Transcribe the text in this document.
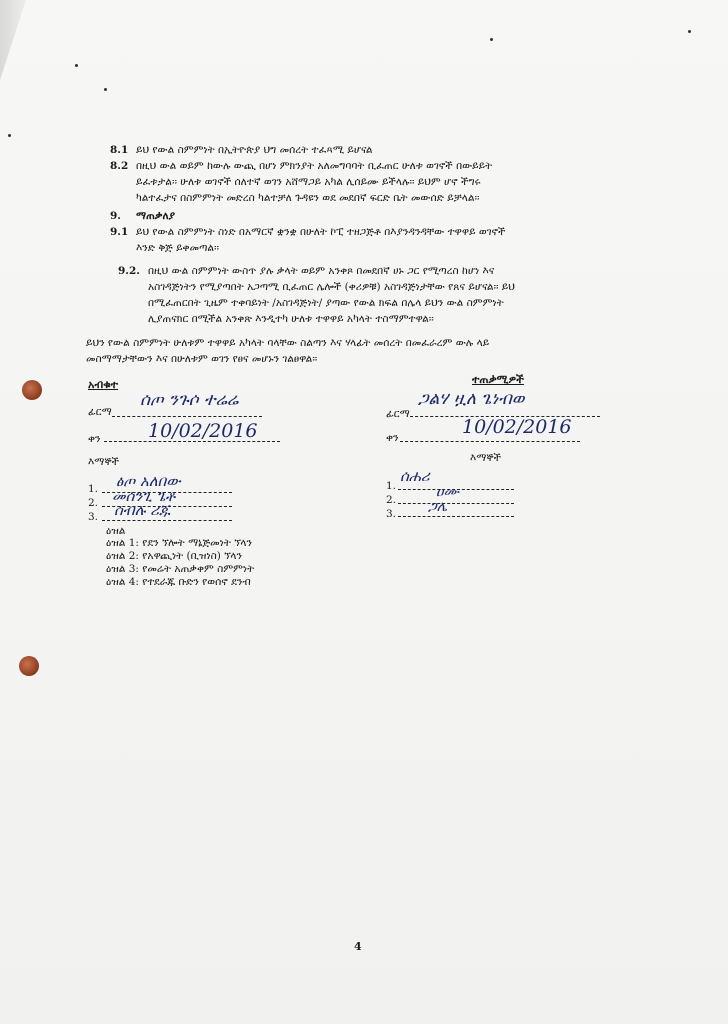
8.1 ይህ የውል ስምምነት በኢትዮጵያ ህግ መሰረት ተፈጻሚ ይሆናል
8.2 በዚህ ውል ወይም ከውሉ ውጪ በሆነ ምክንያት አለመግባባት ቢፈጠር ሁለቱ ወገኖች በውይይት
ይፈቱታል፡፡ ሁለቱ ወገኖች ሰለተኛ ወገን አሸማጋይ አካል ሊሰይሙ ይችላሉ፡፡ ይህም ሆኖ ችግሩ
ካልተፈታና በስምምነት መድረስ ካልተቻለ ጉዳዩን ወደ መደበኛ ፍርድ ቤት መውሰድ ይቻላል፡፡
9. ማጠቃለያ
9.1 ይህ የውል ስምምነት ስነድ በአማርኛ ቋንቋ በሁለት ኮፒ ተዘጋጅቶ በእያንዳንዳቸው ተዋዋይ ወገኖች
እንድ ቅጅ ይቀመጣል፡፡
9.2. በዚህ ውል ስምምነት ውስጥ ያሉ ቃላት ወይም አንቀጾ በመደበኛ ሀኑ ጋር የሚጣረስ ከሆነ እና
አስገዳጅነትን የሚያጣበት አጋጣሚ ቢፈጠር ሌሎች (ቀሪዎቹ) አስገዳጅነታቸው የጸና ይሆናል፡፡ ይህ
በሚፈጠርበት ጊዜም ተቀባይነት /አስገዳጅነት/ ያጣው የውል ክፍል በሌላ ይህን ውል ስምምነት
ሊያጠናክር በሚችል አንቀጽ እንዲተካ ሁለቱ ተዋዋይ አካላት ተስማምተዋል፡፡
ይህን የውል ስምምነት ሁለቱም ተዋዋይ አካላት ባላቸው ስልጣን እና ሃላፊት መሰረት በመፈራረም ውሉ ላይ
መስማማታቸውን እና በሁለቱም ወገን የፀና መሆኑን ገልፀዋል፡፡
አብቁተ
ፊርማ
ሰጦ ንጉሶ ተሬሬ
ቀን 10/02/2016
እማኞች
1. ፅጦ አለበው
2. መሰንጊ ጌቶ
3. ሰብሉ ሪጁ
ተጠቃሚዎች
ፊርማ
ጋልሃ ዟለ ጌነብወ
ቀን	10/02/2016
እማኞች
1.
ሰሐሪ
2.	ዐሙ
3. ጋሌ
ዕዝል
ዕዝል 1: የደን ኘሎት ማኔጅመነት ኘላን
ዕዝል 2: የአዋጪነት (ቢዝነስ) ኘላን
ዕዝል 3: የመሬት አጠቃቀም ስምምነት
ዕዝል 4: የተደራጁ ቡድን የወሰኖ ደንብ
4
